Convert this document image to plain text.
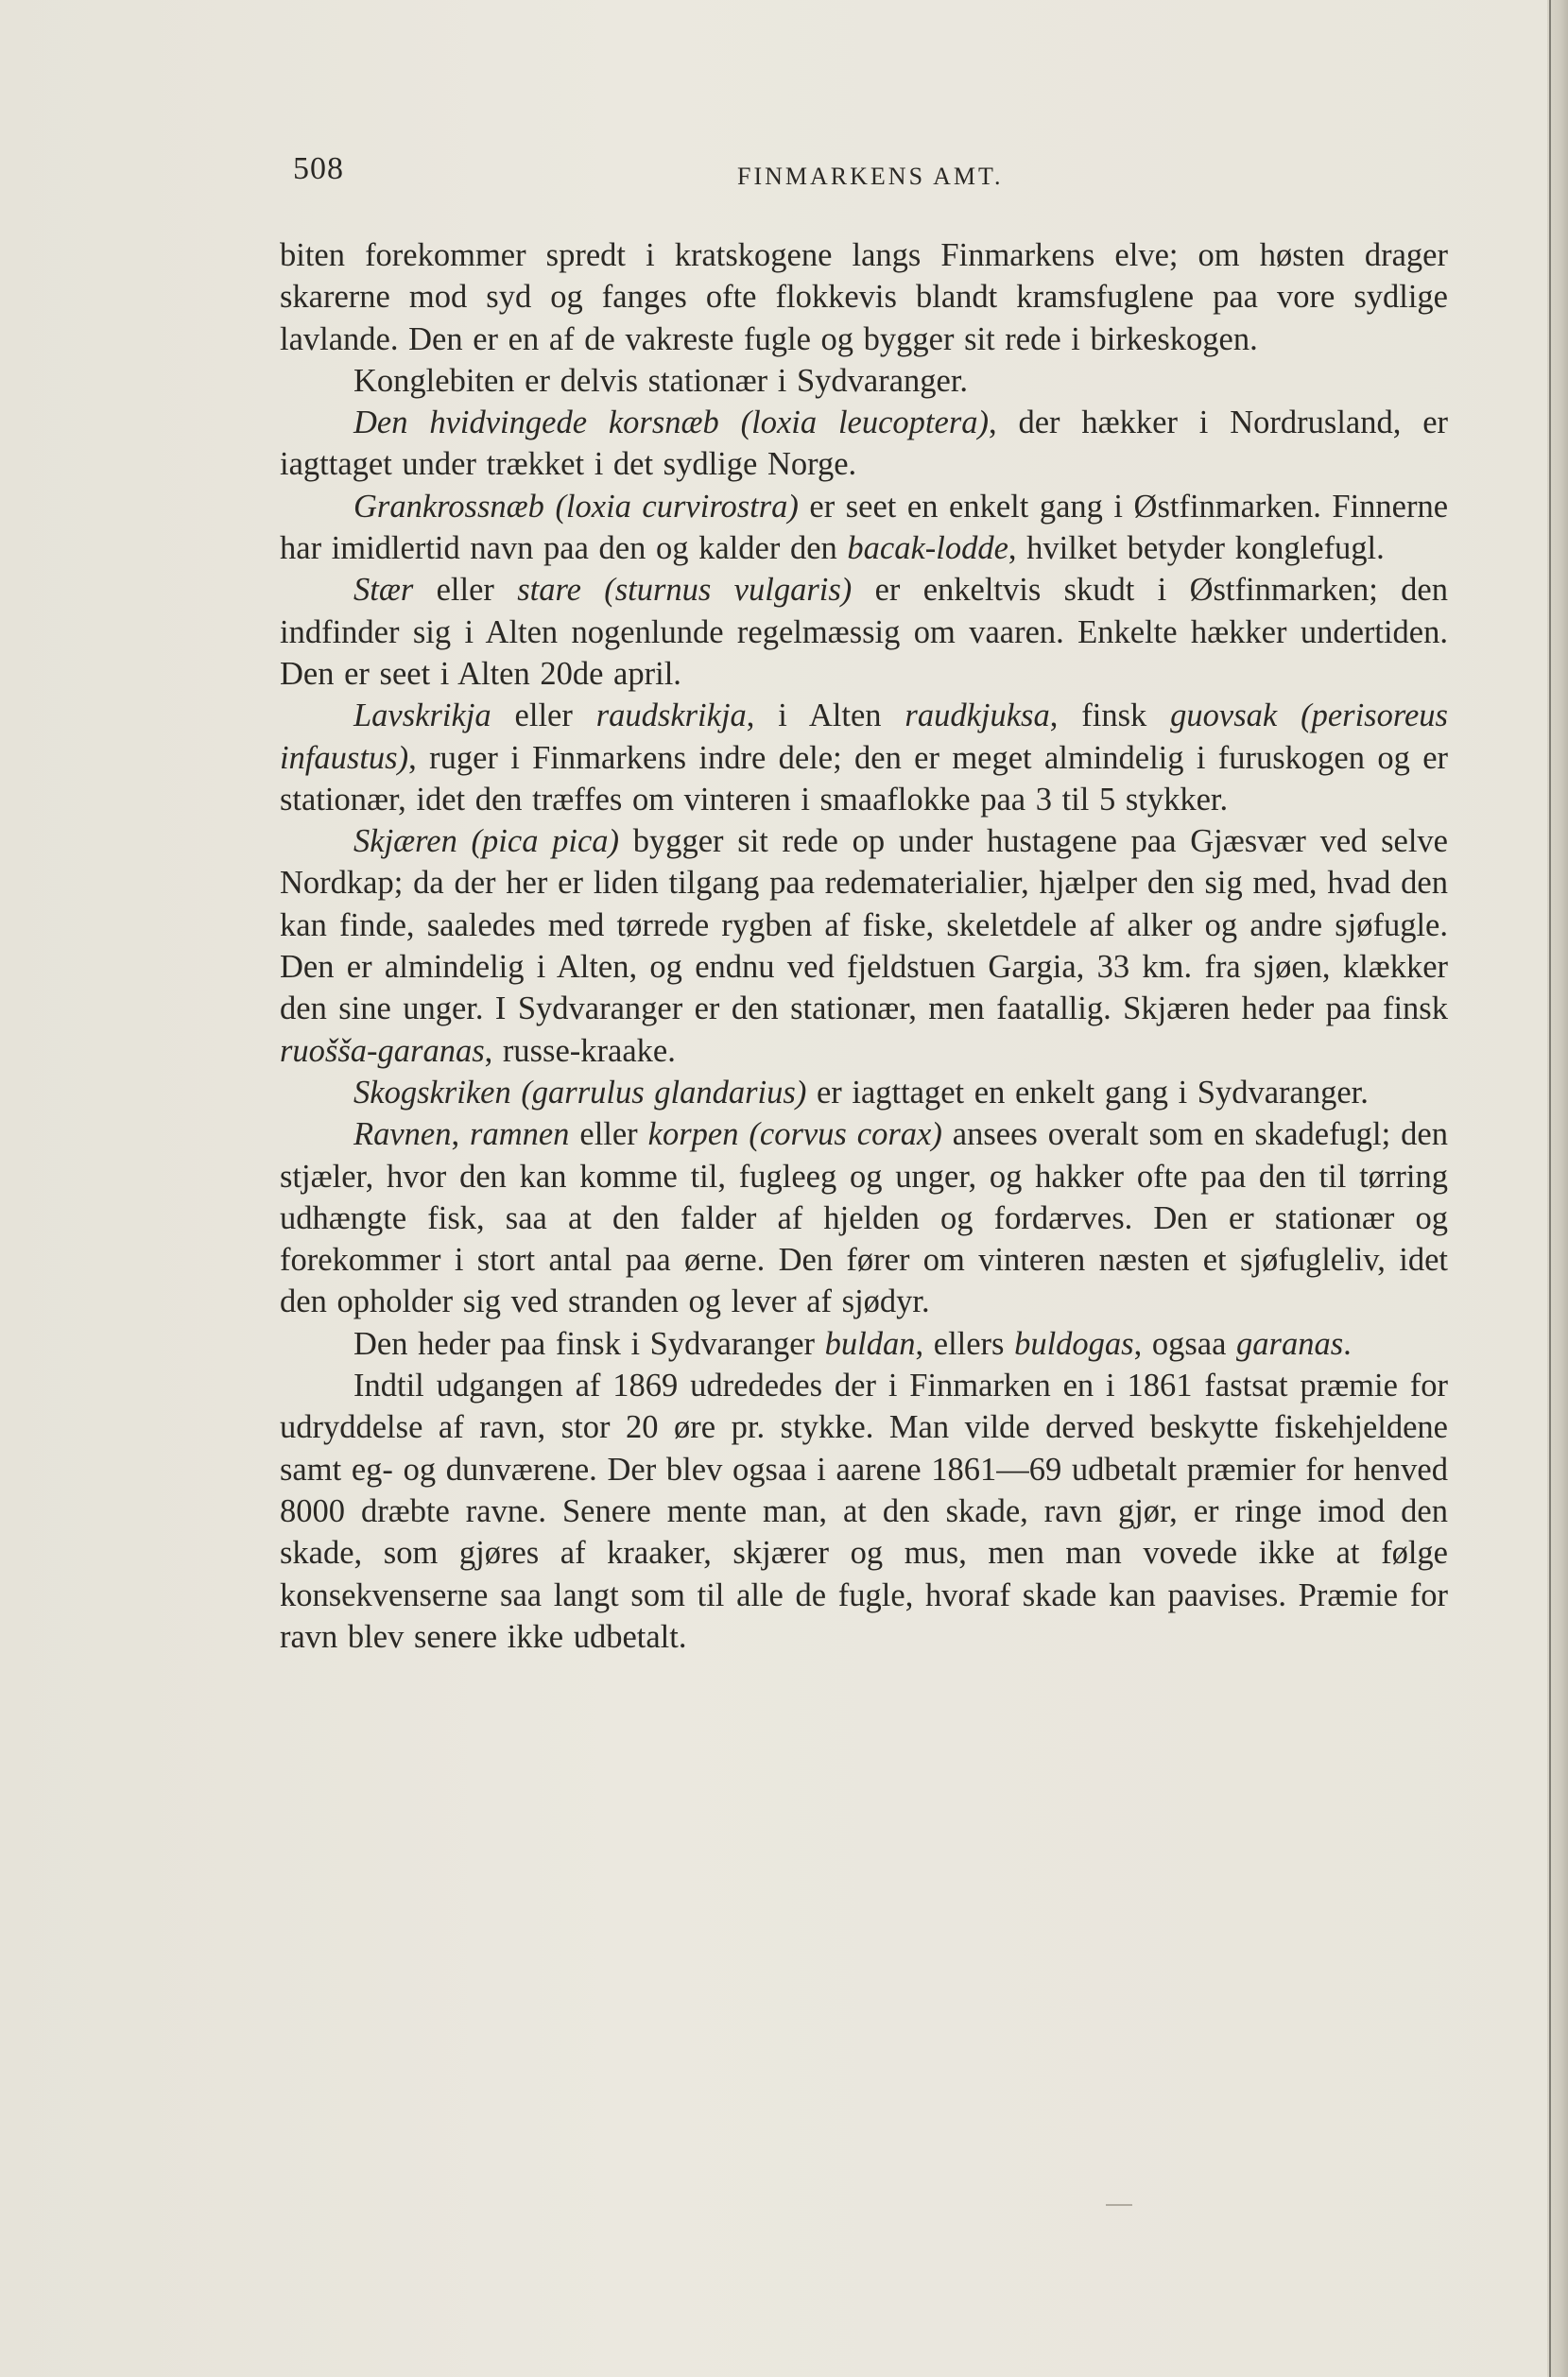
508	FINMARKENS AMT.

biten forekommer spredt i kratskogene langs Finmarkens elve; om høsten drager skarerne mod syd og fanges ofte flokkevis blandt kramsfuglene paa vore sydlige lavlande. Den er en af de vakreste fugle og bygger sit rede i birkeskogen.

Konglebiten er delvis stationær i Sydvaranger.

Den hvidvingede korsnæb (loxia leucoptera), der hækker i Nordrusland, er iagttaget under trækket i det sydlige Norge.

Grankrossnæb (loxia curvirostra) er seet en enkelt gang i Østfinmarken. Finnerne har imidlertid navn paa den og kalder den bacak-lodde, hvilket betyder konglefugl.

Stær eller stare (sturnus vulgaris) er enkeltvis skudt i Østfinmarken; den indfinder sig i Alten nogenlunde regelmæssig om vaaren. Enkelte hækker undertiden. Den er seet i Alten 20de april.

Lavskrikja eller raudskrikja, i Alten raudkjuksa, finsk guovsak (perisoreus infaustus), ruger i Finmarkens indre dele; den er meget almindelig i furuskogen og er stationær, idet den træffes om vinteren i smaaflokke paa 3 til 5 stykker.

Skjæren (pica pica) bygger sit rede op under hustagene paa Gjæsvær ved selve Nordkap; da der her er liden tilgang paa redematerialier, hjælper den sig med, hvad den kan finde, saaledes med tørrede rygben af fiske, skeletdele af alker og andre sjøfugle. Den er almindelig i Alten, og endnu ved fjeldstuen Gargia, 33 km. fra sjøen, klækker den sine unger. I Sydvaranger er den stationær, men faatallig. Skjæren heder paa finsk ruošša-garanas, russe-kraake.

Skogskriken (garrulus glandarius) er iagttaget en enkelt gang i Sydvaranger.

Ravnen, ramnen eller korpen (corvus corax) ansees overalt som en skadefugl; den stjæler, hvor den kan komme til, fugleeg og unger, og hakker ofte paa den til tørring udhængte fisk, saa at den falder af hjelden og fordærves. Den er stationær og forekommer i stort antal paa øerne. Den fører om vinteren næsten et sjøfugleliv, idet den opholder sig ved stranden og lever af sjødyr.

Den heder paa finsk i Sydvaranger buldan, ellers buldogas, ogsaa garanas.

Indtil udgangen af 1869 udrededes der i Finmarken en i 1861 fastsat præmie for udryddelse af ravn, stor 20 øre pr. stykke. Man vilde derved beskytte fiskehjeldene samt eg- og dunværene. Der blev ogsaa i aarene 1861—69 udbetalt præmier for henved 8000 dræbte ravne. Senere mente man, at den skade, ravn gjør, er ringe imod den skade, som gjøres af kraaker, skjærer og mus, men man vovede ikke at følge konsekvenserne saa langt som til alle de fugle, hvoraf skade kan paavises. Præmie for ravn blev senere ikke udbetalt.
